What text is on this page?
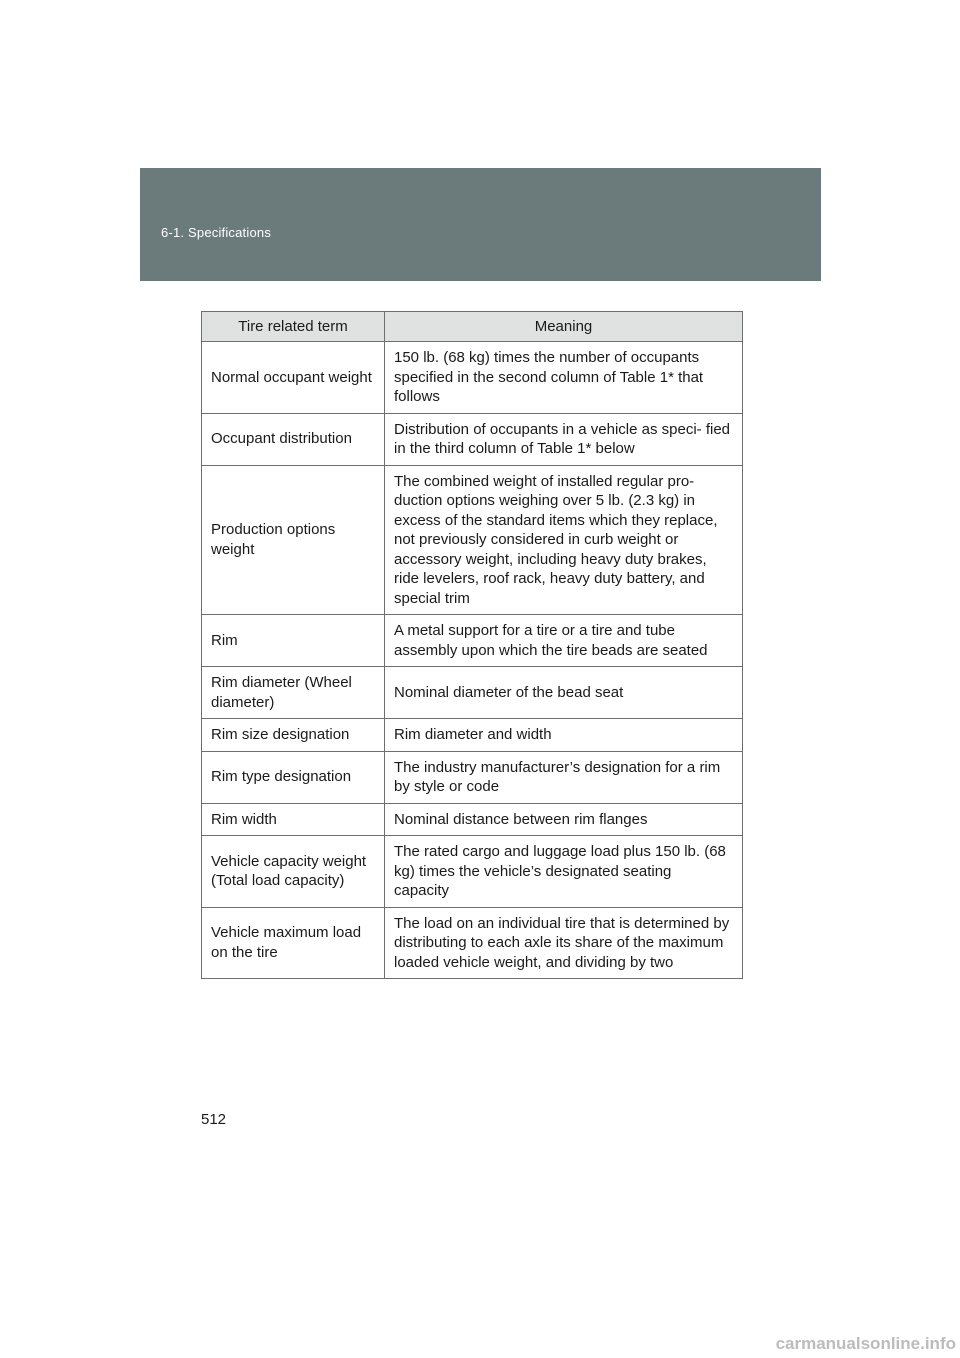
6-1. Specifications
Tire related term	Meaning
Normal occupant weight	150 lb. (68 kg) times the number of occupants specified in the second column of Table 1* that follows
Occupant distribution	Distribution of occupants in a vehicle as speci- fied in the third column of Table 1* below
Production options weight	The combined weight of installed regular pro- duction options weighing over 5 lb. (2.3 kg) in excess of the standard items which they replace, not previously considered in curb weight or accessory weight, including heavy duty brakes, ride levelers, roof rack, heavy duty battery, and special trim
Rim	A metal support for a tire or a tire and tube assembly upon which the tire beads are seated
Rim diameter (Wheel diameter)	Nominal diameter of the bead seat
Rim size designation	Rim diameter and width
Rim type designation	The industry manufacturer’s designation for a rim by style or code
Rim width	Nominal distance between rim flanges
Vehicle capacity weight (Total load capacity)	The rated cargo and luggage load plus 150 lb. (68 kg) times the vehicle’s designated seating capacity
Vehicle maximum load on the tire	The load on an individual tire that is determined by distributing to each axle its share of the maximum loaded vehicle weight, and dividing by two
512
carmanualsonline.info
